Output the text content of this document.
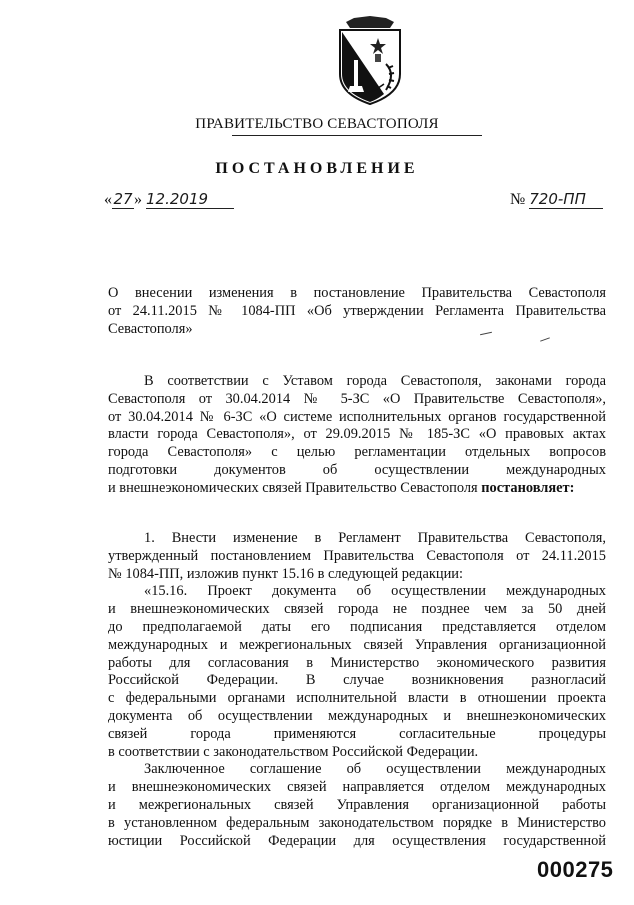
ПРАВИТЕЛЬСТВО СЕВАСТОПОЛЯ
ПОСТАНОВЛЕНИЕ
«27» 12.2019	№ 720-ПП
О внесении изменения в постановление Правительства Севастополя
от 24.11.2015 № 1084-ПП «Об утверждении Регламента Правительства
Севастополя»
В соответствии с Уставом города Севастополя, законами города
Севастополя от 30.04.2014 № 5-ЗС «О Правительстве Севастополя»,
от 30.04.2014 № 6-ЗС «О системе исполнительных органов государственной
власти города Севастополя», от 29.09.2015 № 185-ЗС «О правовых актах
города Севастополя» с целью регламентации отдельных вопросов
подготовки документов об осуществлении международных
и внешнеэкономических связей Правительство Севастополя постановляет:
1. Внести изменение в Регламент Правительства Севастополя,
утвержденный постановлением Правительства Севастополя от 24.11.2015
№ 1084-ПП, изложив пункт 15.16 в следующей редакции:
«15.16. Проект документа об осуществлении международных
и внешнеэкономических связей города не позднее чем за 50 дней
до предполагаемой даты его подписания представляется отделом
международных и межрегиональных связей Управления организационной
работы для согласования в Министерство экономического развития
Российской Федерации. В случае возникновения разногласий
с федеральными органами исполнительной власти в отношении проекта
документа об осуществлении международных и внешнеэкономических
связей города применяются согласительные процедуры
в соответствии с законодательством Российской Федерации.
Заключенное соглашение об осуществлении международных
и внешнеэкономических связей направляется отделом международных
и межрегиональных связей Управления организационной работы
в установленном федеральным законодательством порядке в Министерство
юстиции Российской Федерации для осуществления государственной
000275
